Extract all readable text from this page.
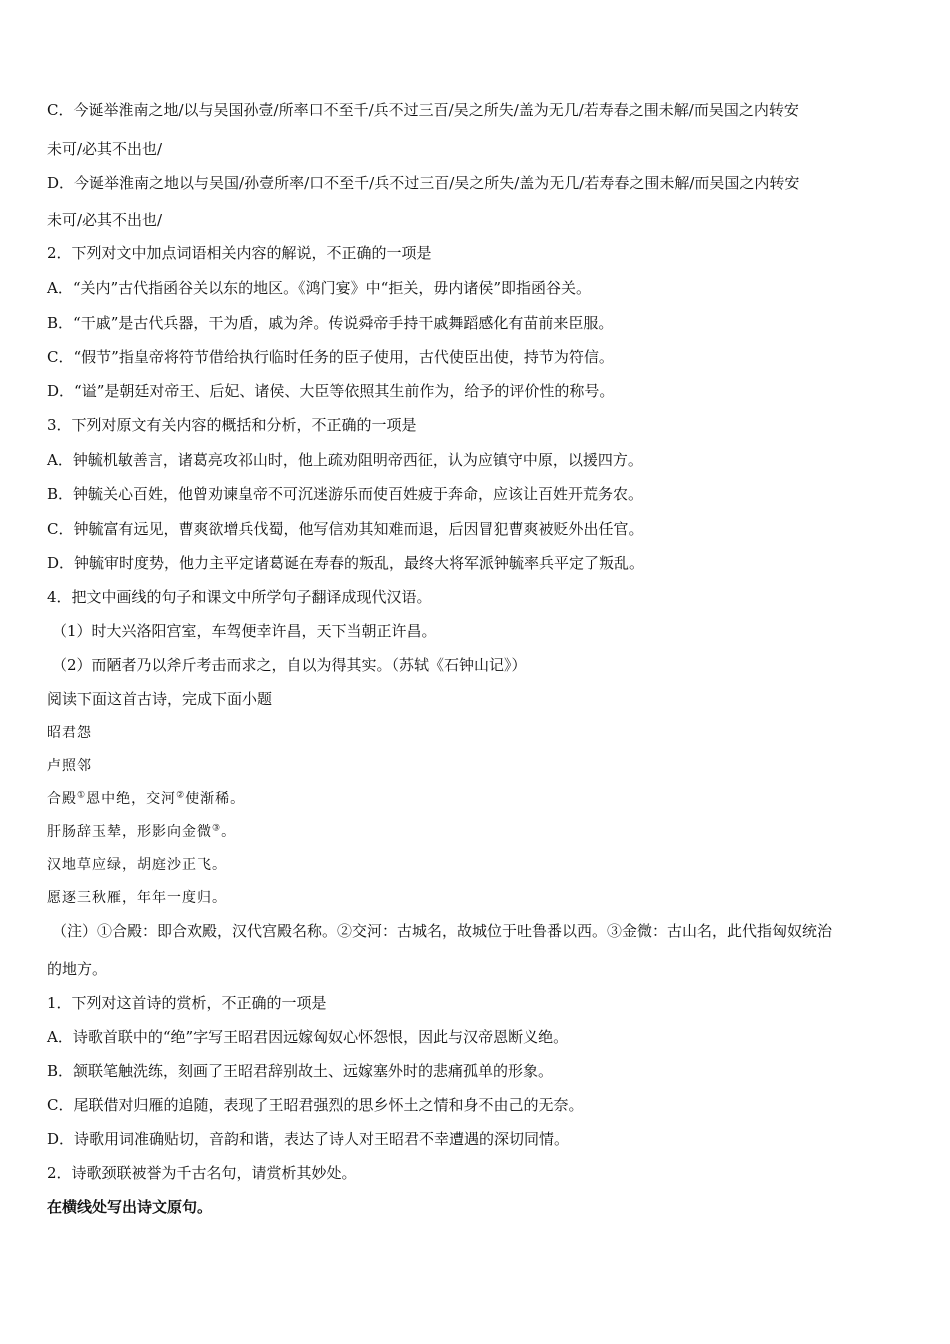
C．今诞举淮南之地/以与吴国孙壹/所率口不至千/兵不过三百/吴之所失/盖为无几/若寿春之围未解/而吴国之内转安
未可/必其不出也/
D．今诞举淮南之地以与吴国/孙壹所率/口不至千/兵不过三百/吴之所失/盖为无几/若寿春之围未解/而吴国之内转安
未可/必其不出也/
2．下列对文中加点词语相关内容的解说，不正确的一项是
A．“关内”古代指函谷关以东的地区。《鸿门宴》中“拒关，毋内诸侯”即指函谷关。
B．“干戚”是古代兵器，干为盾，戚为斧。传说舜帝手持干戚舞蹈感化有苗前来臣服。
C．“假节”指皇帝将符节借给执行临时任务的臣子使用，古代使臣出使，持节为符信。
D．“谥”是朝廷对帝王、后妃、诸侯、大臣等依照其生前作为，给予的评价性的称号。
3．下列对原文有关内容的概括和分析，不正确的一项是
A．钟毓机敏善言，诸葛亮攻祁山时，他上疏劝阻明帝西征，认为应镇守中原，以援四方。
B．钟毓关心百姓，他曾劝谏皇帝不可沉迷游乐而使百姓疲于奔命，应该让百姓开荒务农。
C．钟毓富有远见，曹爽欲增兵伐蜀，他写信劝其知难而退，后因冒犯曹爽被贬外出任官。
D．钟毓审时度势，他力主平定诸葛诞在寿春的叛乱，最终大将军派钟毓率兵平定了叛乱。
4．把文中画线的句子和课文中所学句子翻译成现代汉语。
（1）时大兴洛阳宫室，车驾便幸许昌，天下当朝正许昌。
（2）而陋者乃以斧斤考击而求之，自以为得其实。（苏轼《石钟山记》）
阅读下面这首古诗，完成下面小题
昭君怨
卢照邻
合殿①恩中绝，交河②使渐稀。
肝肠辞玉辇，形影向金微③。
汉地草应绿，胡庭沙正飞。
愿逐三秋雁，年年一度归。
（注）①合殿：即合欢殿，汉代宫殿名称。②交河：古城名，故城位于吐鲁番以西。③金微：古山名，此代指匈奴统治
的地方。
1．下列对这首诗的赏析，不正确的一项是
A．诗歌首联中的“绝”字写王昭君因远嫁匈奴心怀怨恨，因此与汉帝恩断义绝。
B．颔联笔触洗练，刻画了王昭君辞别故土、远嫁塞外时的悲痛孤单的形象。
C．尾联借对归雁的追随，表现了王昭君强烈的思乡怀土之情和身不由己的无奈。
D．诗歌用词准确贴切，音韵和谐，表达了诗人对王昭君不幸遭遇的深切同情。
2．诗歌颈联被誉为千古名句，请赏析其妙处。
在横线处写出诗文原句。
